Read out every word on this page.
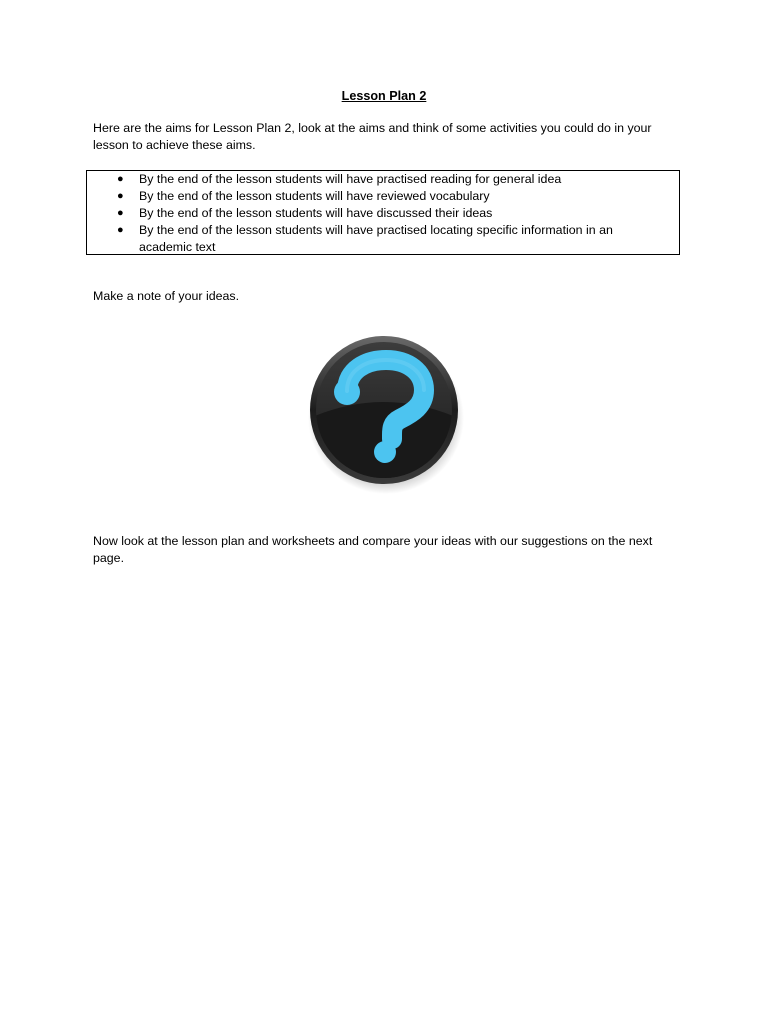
Lesson Plan 2
Here are the aims for Lesson Plan 2, look at the aims and think of some activities you could do in your lesson to achieve these aims.
● By the end of the lesson students will have practised reading for general idea
● By the end of the lesson students will have reviewed vocabulary
● By the end of the lesson students will have discussed their ideas
● By the end of the lesson students will have practised locating specific information in an academic text
Make a note of your ideas.
Now look at the lesson plan and worksheets and compare your ideas with our suggestions on the next page.
